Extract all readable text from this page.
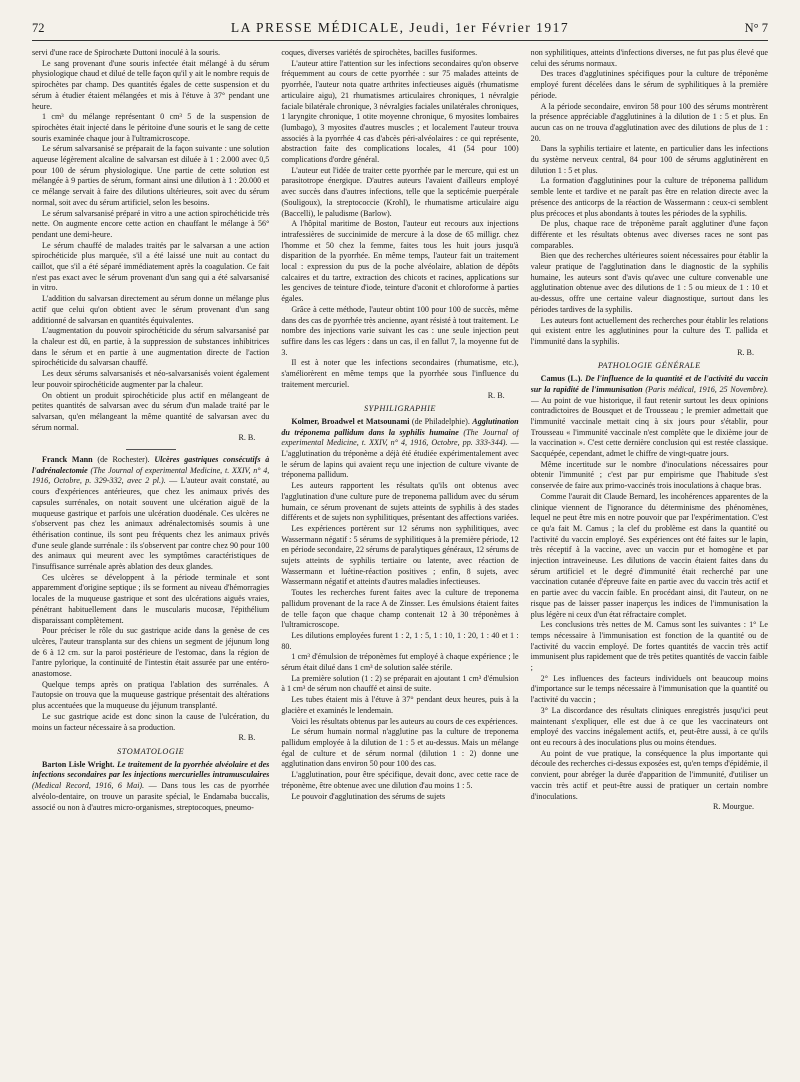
72	LA PRESSE MÉDICALE, Jeudi, 1er Février 1917	N° 7

servi d'une race de Spirochæte Duttoni inoculé à la souris.

Le sang provenant d'une souris infectée était mélangé à du sérum physiologique chaud et dilué de telle façon qu'il y ait le nombre requis de spirochètes par champ. Des quantités égales de cette suspension et du sérum à étudier étaient mélangées et mis à l'étuve à 37° pendant une heure.

1 cm³ du mélange représentant 0 cm³ 5 de la suspension de spirochètes était injecté dans le péritoine d'une souris et le sang de cette souris examinée chaque jour à l'ultramicroscope.

Le sérum salvarsanisé se préparait de la façon suivante : une solution aqueuse légèrement alcaline de salvarsan est diluée à 1 : 2.000 avec 0,5 pour 100 de sérum physiologique. Une partie de cette solution est mélangée à 9 parties de sérum, formant ainsi une dilution à 1 : 20.000 et ce mélange servait à faire des dilutions ultérieures, soit avec du sérum normal, soit avec du sérum artificiel, selon les besoins.

Le sérum salvarsanisé préparé in vitro a une action spirochéticide très nette. On augmente encore cette action en chauffant le mélange à 56° pendant une demi-heure.

Le sérum chauffé de malades traités par le salvarsan a une action spirochéticide plus marquée, s'il a été laissé une nuit au contact du caillot, que s'il a été séparé immédiatement après la coagulation. Ce fait n'est pas exact avec le sérum provenant d'un sang qui a été salvarsanisé in vitro.

L'addition du salvarsan directement au sérum donne un mélange plus actif que celui qu'on obtient avec le sérum provenant d'un sang additionné de salvarsan en quantités équivalentes.

L'augmentation du pouvoir spirochéticide du sérum salvarsanisé par la chaleur est dû, en partie, à la suppression de substances inhibitrices dans le sérum et en partie à une augmentation directe de l'action spirochéticide du salvarsan chauffé.

Les deux sérums salvarsanisés et néo-salvarsanisés voient également leur pouvoir spirochéticide augmenter par la chaleur.

On obtient un produit spirochéticide plus actif en mélangeant de petites quantités de salvarsan avec du sérum d'un malade traité par le salvarsan, qu'en mélangeant la même quantité de salvarsan avec du sérum normal.

R. B.

Franck Mann (de Rochester). Ulcères gastriques consécutifs à l'adrénalectomie (The Journal of experimental Medicine, t. XXIV, n° 4, 1916, Octobre, p. 329-332, avec 2 pl.). — L'auteur avait constaté, au cours d'expériences antérieures, que chez les animaux privés des capsules surrénales, on notait souvent une ulcération aiguë de la muqueuse gastrique et parfois une ulcération duodénale. Ces ulcères ne s'observent pas chez les animaux adrénalectomisés soumis à une éthérisation continue, ils sont peu fréquents chez les animaux privés d'une seule glande surrénale : ils s'observent par contre chez 90 pour 100 des animaux qui meurent avec les symptômes caractéristiques de l'insuffisance surrénale après ablation des deux glandes.

Ces ulcères se développent à la période terminale et sont apparemment d'origine septique ; ils se forment au niveau d'hémorragies locales de la muqueuse gastrique et sont des ulcérations aiguës vraies, pénétrant habituellement dans le muscularis mucosæ, l'épithélium disparaissant complètement.

Pour préciser le rôle du suc gastrique acide dans la genèse de ces ulcères, l'auteur transplanta sur des chiens un segment de jéjunum long de 6 à 12 cm. sur la paroi postérieure de l'estomac, dans la région de l'antre pylorique, la continuité de l'intestin était assurée par une entéro-anastomose.

Quelque temps après on pratiqua l'ablation des surrénales. A l'autopsie on trouva que la muqueuse gastrique présentait des altérations plus accentuées que la muqueuse du jéjunum transplanté.

Le suc gastrique acide est donc sinon la cause de l'ulcération, du moins un facteur nécessaire à sa production.

R. B.
STOMATOLOGIE

Barton Lisle Wright. Le traitement de la pyorrhée alvéolaire et des infections secondaires par les injections mercurielles intramusculaires (Medical Record, 1916, 6 Mai). — Dans tous les cas de pyorrhée alvéolo-dentaire, on trouve un parasite spécial, le Endamaba buccalis, associé ou non à d'autres micro-organismes, streptocoques, pneumo-

coques, diverses variétés de spirochètes, bacilles fusiformes.

L'auteur attire l'attention sur les infections secondaires qu'on observe fréquemment au cours de cette pyorrhée : sur 75 malades atteints de pyorrhée, l'auteur nota quatre arthrites infectieuses aiguës (rhumatisme articulaire aigu), 21 rhumatismes articulaires chroniques, 1 névralgie faciale bilatérale chronique, 3 névralgies faciales unilatérales chroniques, 1 laryngite chronique, 1 otite moyenne chronique, 6 myosites lombaires (lumbago), 3 myosites d'autres muscles ; et localement l'auteur trouva associés à la pyorrhée 4 cas d'abcès péri-alvéolaires : ce qui représente, abstraction faite des complications locales, 41 (54 pour 100) complications d'ordre général.

L'auteur eut l'idée de traiter cette pyorrhée par le mercure, qui est un parasitotrope énergique. D'autres auteurs l'avaient d'ailleurs employé avec succès dans d'autres infections, telle que la septicémie puerpérale (Souligoux), la streptococcie (Krohl), le rhumatisme articulaire aigu (Baccelli), le paludisme (Barlow).

A l'hôpital maritime de Boston, l'auteur eut recours aux injections intrafessières de succinimide de mercure à la dose de 65 milligr. chez l'homme et 50 chez la femme, faites tous les huit jours jusqu'à disparition de la pyorrhée. En même temps, l'auteur fait un traitement local : expression du pus de la poche alvéolaire, ablation de dépôts calcaires et du tartre, extraction des chicots et racines, applications sur les gencives de teinture d'iode, teinture d'aconit et chloroforme à parties égales.

Grâce à cette méthode, l'auteur obtint 100 pour 100 de succès, même dans des cas de pyorrhée très ancienne, ayant résisté à tout traitement. Le nombre des injections varie suivant les cas : une seule injection peut suffire dans les cas légers : dans un cas, il en fallut 7, la moyenne fut de 3.

Il est à noter que les infections secondaires (rhumatisme, etc.), s'améliorèrent en même temps que la pyorrhée sous l'influence du traitement mercuriel.

R. B.
SYPHILIGRAPHIE

Kolmer, Broadwel et Matsounami (de Philadelphie). Agglutination du tréponema pallidum dans la syphilis humaine (The Journal of experimental Medicine, t. XXIV, n° 4, 1916, Octobre, pp. 333-344). — L'agglutination du tréponème a déjà été étudiée expérimentalement avec le sérum de lapins qui avaient reçu une injection de culture vivante de tréponema pallidum.

Les auteurs rapportent les résultats qu'ils ont obtenus avec l'agglutination d'une culture pure de treponema pallidum avec du sérum humain, ce sérum provenant de sujets atteints de syphilis à des stades différents et de sujets non syphilitiques, présentant des affections variées.

Les expériences portèrent sur 12 sérums non syphilitiques, avec Wassermann négatif : 5 sérums de syphilitiques à la première période, 12 en période secondaire, 22 sérums de paralytiques généraux, 12 sérums de sujets atteints de syphilis tertiaire ou latente, avec réaction de Wassermann et luétine-réaction positives ; enfin, 8 sujets, avec Wassermann négatif et atteints d'autres maladies infectieuses.

Toutes les recherches furent faites avec la culture de treponema pallidum provenant de la race A de Zinsser. Les émulsions étaient faites de telle façon que chaque champ contenait 12 à 30 tréponèmes à l'ultramicroscope.

Les dilutions employées furent 1 : 2, 1 : 5, 1 : 10, 1 : 20, 1 : 40 et 1 : 80.

1 cm³ d'émulsion de tréponèmes fut employé à chaque expérience ; le sérum était dilué dans 1 cm³ de solution salée stérile.

La première solution (1 : 2) se préparait en ajoutant 1 cm³ d'émulsion à 1 cm³ de sérum non chauffé et ainsi de suite.

Les tubes étaient mis à l'étuve à 37° pendant deux heures, puis à la glacière et examinés le lendemain.

Voici les résultats obtenus par les auteurs au cours de ces expériences.

Le sérum humain normal n'agglutine pas la culture de treponema pallidum employée à la dilution de 1 : 5 et au-dessus. Mais un mélange égal de culture et de sérum normal (dilution 1 : 2) donne une agglutination dans environ 50 pour 100 des cas.

L'agglutination, pour être spécifique, devait donc, avec cette race de tréponème, être obtenue avec une dilution d'au moins 1 : 5.

Le pouvoir d'agglutination des sérums de sujets

non syphilitiques, atteints d'infections diverses, ne fut pas plus élevé que celui des sérums normaux.

Des traces d'agglutinines spécifiques pour la culture de tréponème employé furent décelées dans le sérum de syphilitiques à la première période.

A la période secondaire, environ 58 pour 100 des sérums montrèrent la présence appréciable d'agglutinines à la dilution de 1 : 5 et plus. En aucun cas on ne trouva d'agglutination avec des dilutions de plus de 1 : 20.

Dans la syphilis tertiaire et latente, en particulier dans les infections du système nerveux central, 84 pour 100 de sérums agglutinèrent en dilution 1 : 5 et plus.

La formation d'agglutinines pour la culture de tréponema pallidum semble lente et tardive et ne paraît pas être en relation directe avec la présence des anticorps de la réaction de Wassermann : ceux-ci semblent plus précoces et plus abondants à toutes les périodes de la syphilis.

De plus, chaque race de tréponème paraît agglutiner d'une façon différente et les résultats obtenus avec diverses races ne sont pas comparables.

Bien que des recherches ultérieures soient nécessaires pour établir la valeur pratique de l'agglutination dans le diagnostic de la syphilis humaine, les auteurs sont d'avis qu'avec une culture convenable une agglutination obtenue avec des dilutions de 1 : 5 ou mieux de 1 : 10 et au-dessus, offre une certaine valeur diagnostique, surtout dans les périodes tardives de la syphilis.

Les auteurs font actuellement des recherches pour établir les relations qui existent entre les agglutinines pour la culture des T. pallida et l'immunité dans la syphilis.

R. B.
PATHOLOGIE GÉNÉRALE

Camus (L.). De l'influence de la quantité et de l'activité du vaccin sur la rapidité de l'immunisation (Paris médical, 1916, 25 Novembre). — Au point de vue historique, il faut retenir surtout les deux opinions contradictoires de Bousquet et de Trousseau ; le premier admettait que l'immunité vaccinale mettait cinq à six jours pour s'établir, pour Trousseau « l'immunité vaccinale n'est complète que le dixième jour de la vaccination ». C'est cette dernière conclusion qui est restée classique. Sacquépée, cependant, admet le chiffre de vingt-quatre jours.

Même incertitude sur le nombre d'inoculations nécessaires pour obtenir l'immunité ; c'est par pur empirisme que l'habitude s'est conservée de faire aux primo-vaccinés trois inoculations à chaque bras.

Comme l'aurait dit Claude Bernard, les incohérences apparentes de la clinique viennent de l'ignorance du déterminisme des phénomènes, lequel ne peut être mis en notre pouvoir que par l'expérimentation. C'est ce qu'a fait M. Camus ; la clef du problème est dans la quantité ou l'activité du vaccin employé. Ses expériences ont été faites sur le lapin, très réceptif à la vaccine, avec un vaccin pur et homogène et par injection intraveineuse. Les dilutions de vaccin étaient faites dans du sérum artificiel et le degré d'immunité était recherché par une vaccination cutanée d'épreuve faite en partie avec du vaccin très actif et en partie avec du vaccin faible. En procédant ainsi, dit l'auteur, on ne risque pas de laisser passer inaperçus les indices de l'immunisation la plus légère ni ceux d'un état réfractaire complet.

Les conclusions très nettes de M. Camus sont les suivantes : 1° Le temps nécessaire à l'immunisation est fonction de la quantité ou de l'activité du vaccin employé. De fortes quantités de vaccin très actif immunisent plus rapidement que de très petites quantités de vaccin faible ;

2° Les influences des facteurs individuels ont beaucoup moins d'importance sur le temps nécessaire à l'immunisation que la quantité ou l'activité du vaccin ;

3° La discordance des résultats cliniques enregistrés jusqu'ici peut maintenant s'expliquer, elle est due à ce que les vaccinateurs ont employé des vaccins inégalement actifs, et, peut-être aussi, à ce qu'ils ont eu recours à des inoculations plus ou moins étendues.

Au point de vue pratique, la conséquence la plus importante qui découle des recherches ci-dessus exposées est, qu'en temps d'épidémie, il convient, pour abréger la durée d'apparition de l'immunité, d'utiliser un vaccin très actif et peut-être aussi de pratiquer un certain nombre d'inoculations.

R. Mourgue.
